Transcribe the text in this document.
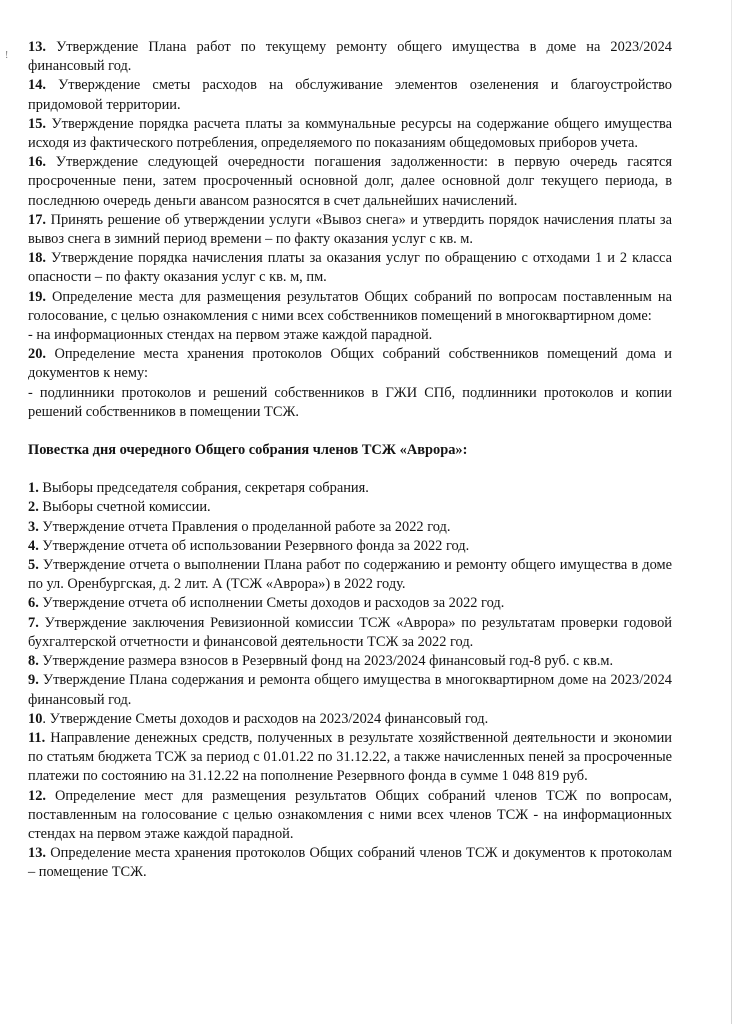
!

13. Утверждение Плана работ по текущему ремонту общего имущества в доме на 2023/2024 финансовый год.

14. Утверждение сметы расходов на обслуживание элементов озеленения и благоустройство придомовой территории.

15. Утверждение порядка расчета платы за коммунальные ресурсы на содержание общего имущества исходя из фактического потребления, определяемого по показаниям общедомовых приборов учета.

16. Утверждение следующей очередности погашения задолженности: в первую очередь гасятся просроченные пени, затем просроченный основной долг, далее основной долг текущего периода, в последнюю очередь деньги авансом разносятся в счет дальнейших начислений.

17. Принять решение об утверждении услуги «Вывоз снега» и утвердить порядок начисления платы за вывоз снега в зимний период времени – по факту оказания услуг с кв. м.

18. Утверждение порядка начисления платы за оказания услуг по обращению с отходами 1 и 2 класса опасности – по факту оказания услуг с кв. м, пм.

19. Определение места для размещения результатов Общих собраний по вопросам поставленным на голосование, с целью ознакомления с ними всех собственников помещений в многоквартирном доме:

- на информационных стендах на первом этаже каждой парадной.

20. Определение места хранения протоколов Общих собраний собственников помещений дома и документов к нему:

- подлинники протоколов и решений собственников в ГЖИ СПб, подлинники протоколов и копии решений собственников в помещении ТСЖ.

Повестка дня очередного Общего собрания членов ТСЖ «Аврора»:

1. Выборы председателя собрания, секретаря собрания.

2. Выборы счетной комиссии.

3. Утверждение отчета Правления о проделанной работе за 2022 год.

4. Утверждение отчета об использовании Резервного фонда за 2022 год.

5. Утверждение отчета о выполнении Плана работ по содержанию и ремонту общего имущества в доме по ул. Оренбургская, д. 2 лит. А (ТСЖ «Аврора») в 2022 году.

6. Утверждение отчета об исполнении Сметы доходов и расходов за 2022 год.

7. Утверждение заключения Ревизионной комиссии ТСЖ «Аврора» по результатам проверки годовой бухгалтерской отчетности и финансовой деятельности ТСЖ за 2022 год.

8. Утверждение размера взносов в Резервный фонд на 2023/2024 финансовый год-8 руб. с кв.м.

9. Утверждение Плана содержания и ремонта общего имущества в многоквартирном доме на 2023/2024 финансовый год.

10. Утверждение Сметы доходов и расходов на 2023/2024 финансовый год.

11. Направление денежных средств, полученных в результате хозяйственной деятельности и экономии по статьям бюджета ТСЖ за период с 01.01.22 по 31.12.22, а также начисленных пеней за просроченные платежи по состоянию на 31.12.22 на пополнение Резервного фонда в сумме 1 048 819 руб.

12. Определение мест для размещения результатов Общих собраний членов ТСЖ по вопросам, поставленным на голосование с целью ознакомления с ними всех членов ТСЖ - на информационных стендах на первом этаже каждой парадной.

13. Определение места хранения протоколов Общих собраний членов ТСЖ и документов к протоколам – помещение ТСЖ.
